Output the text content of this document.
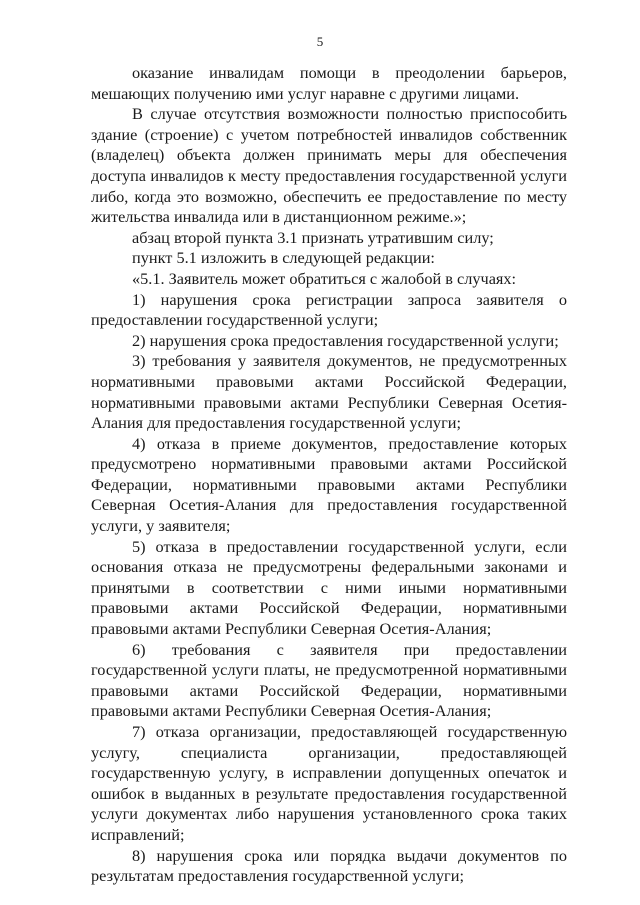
5

оказание инвалидам помощи в преодолении барьеров, мешающих получению ими услуг наравне с другими лицами.

В случае отсутствия возможности полностью приспособить здание (строение) с учетом потребностей инвалидов собственник (владелец) объекта должен принимать меры для обеспечения доступа инвалидов к месту предоставления государственной услуги либо, когда это возможно, обеспечить ее предоставление по месту жительства инвалида или в дистанционном режиме.»;

абзац второй пункта 3.1 признать утратившим силу;

пункт 5.1 изложить в следующей редакции:

«5.1. Заявитель может обратиться с жалобой в случаях:

1) нарушения срока регистрации запроса заявителя о предоставлении государственной услуги;

2) нарушения срока предоставления государственной услуги;

3) требования у заявителя документов, не предусмотренных нормативными правовыми актами Российской Федерации, нормативными правовыми актами Республики Северная Осетия-Алания для предоставления государственной услуги;

4) отказа в приеме документов, предоставление которых предусмотрено нормативными правовыми актами Российской Федерации, нормативными правовыми актами Республики Северная Осетия-Алания для предоставления государственной услуги, у заявителя;

5) отказа в предоставлении государственной услуги, если основания отказа не предусмотрены федеральными законами и принятыми в соответствии с ними иными нормативными правовыми актами Российской Федерации, нормативными правовыми актами Республики Северная Осетия-Алания;

6) требования с заявителя при предоставлении государственной услуги платы, не предусмотренной нормативными правовыми актами Российской Федерации, нормативными правовыми актами Республики Северная Осетия-Алания;

7) отказа организации, предоставляющей государственную услугу, специалиста организации, предоставляющей государственную услугу, в исправлении допущенных опечаток и ошибок в выданных в результате предоставления государственной услуги документах либо нарушения установленного срока таких исправлений;

8) нарушения срока или порядка выдачи документов по результатам предоставления государственной услуги;
